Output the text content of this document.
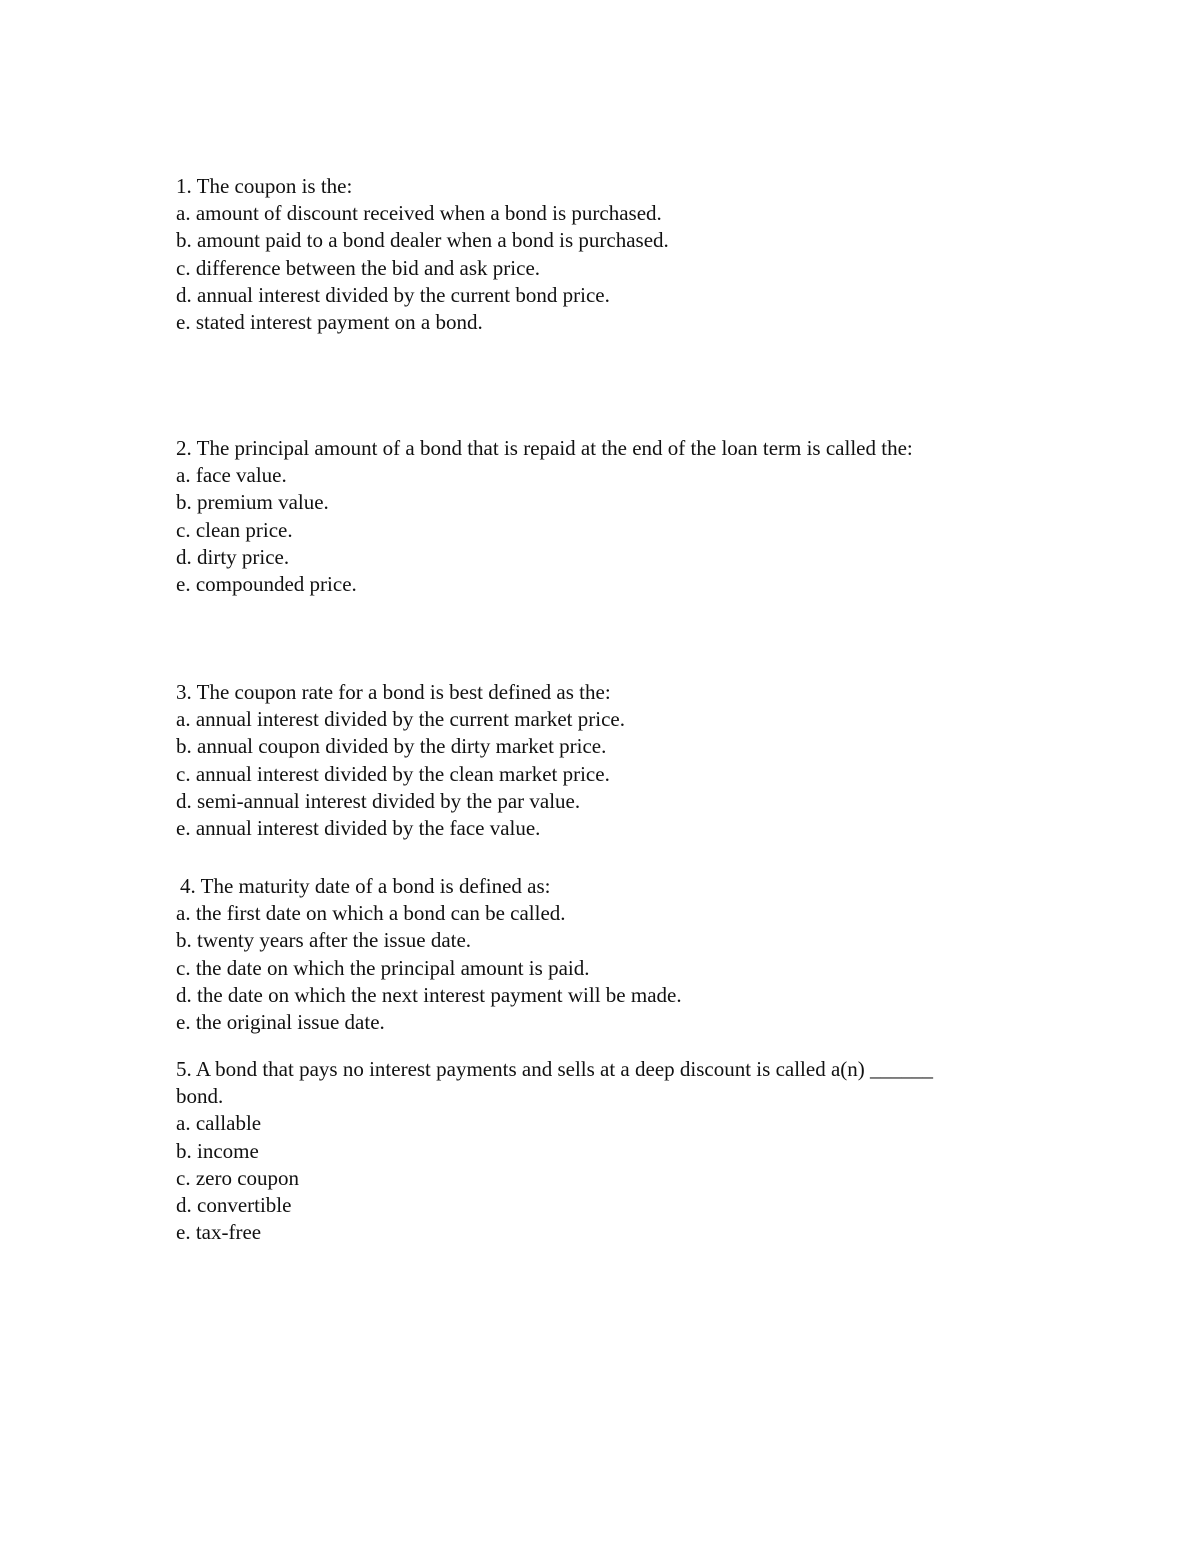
1. The coupon is the:
a. amount of discount received when a bond is purchased.
b. amount paid to a bond dealer when a bond is purchased.
c. difference between the bid and ask price.
d. annual interest divided by the current bond price.
e. stated interest payment on a bond.
2. The principal amount of a bond that is repaid at the end of the loan term is called the:
a. face value.
b. premium value.
c. clean price.
d. dirty price.
e. compounded price.
3. The coupon rate for a bond is best defined as the:
a. annual interest divided by the current market price.
b. annual coupon divided by the dirty market price.
c. annual interest divided by the clean market price.
d. semi-annual interest divided by the par value.
e. annual interest divided by the face value.
4. The maturity date of a bond is defined as:
a. the first date on which a bond can be called.
b. twenty years after the issue date.
c. the date on which the principal amount is paid.
d. the date on which the next interest payment will be made.
e. the original issue date.
5. A bond that pays no interest payments and sells at a deep discount is called a(n) ______
bond.
a. callable
b. income
c. zero coupon
d. convertible
e. tax-free
